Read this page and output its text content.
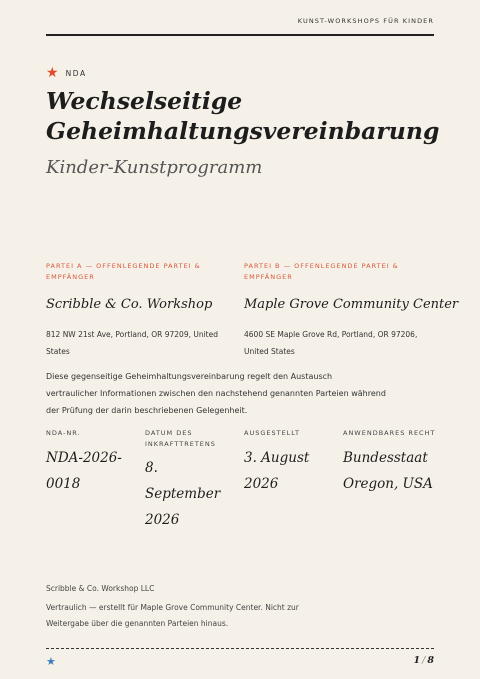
KUNST-WORKSHOPS FÜR KINDER
★ NDA
Wechselseitige Geheimhaltungsvereinbarung
Kinder-Kunstprogramm
PARTEI A — OFFENLEGENDE PARTEI & EMPFÄNGER
Scribble & Co. Workshop
812 NW 21st Ave, Portland, OR 97209, United States
PARTEI B — OFFENLEGENDE PARTEI & EMPFÄNGER
Maple Grove Community Center
4600 SE Maple Grove Rd, Portland, OR 97206, United States
Diese gegenseitige Geheimhaltungsvereinbarung regelt den Austausch vertraulicher Informationen zwischen den nachstehend genannten Parteien während der Prüfung der darin beschriebenen Gelegenheit.
NDA-NR.
NDA-2026-0018
DATUM DES INKRAFTTRETENS
8. September 2026
AUSGESTELLT
3. August 2026
ANWENDBARES RECHT
Bundesstaat Oregon, USA
Scribble & Co. Workshop LLC
Vertraulich — erstellt für Maple Grove Community Center. Nicht zur Weitergabe über die genannten Parteien hinaus.
★	1 / 8
